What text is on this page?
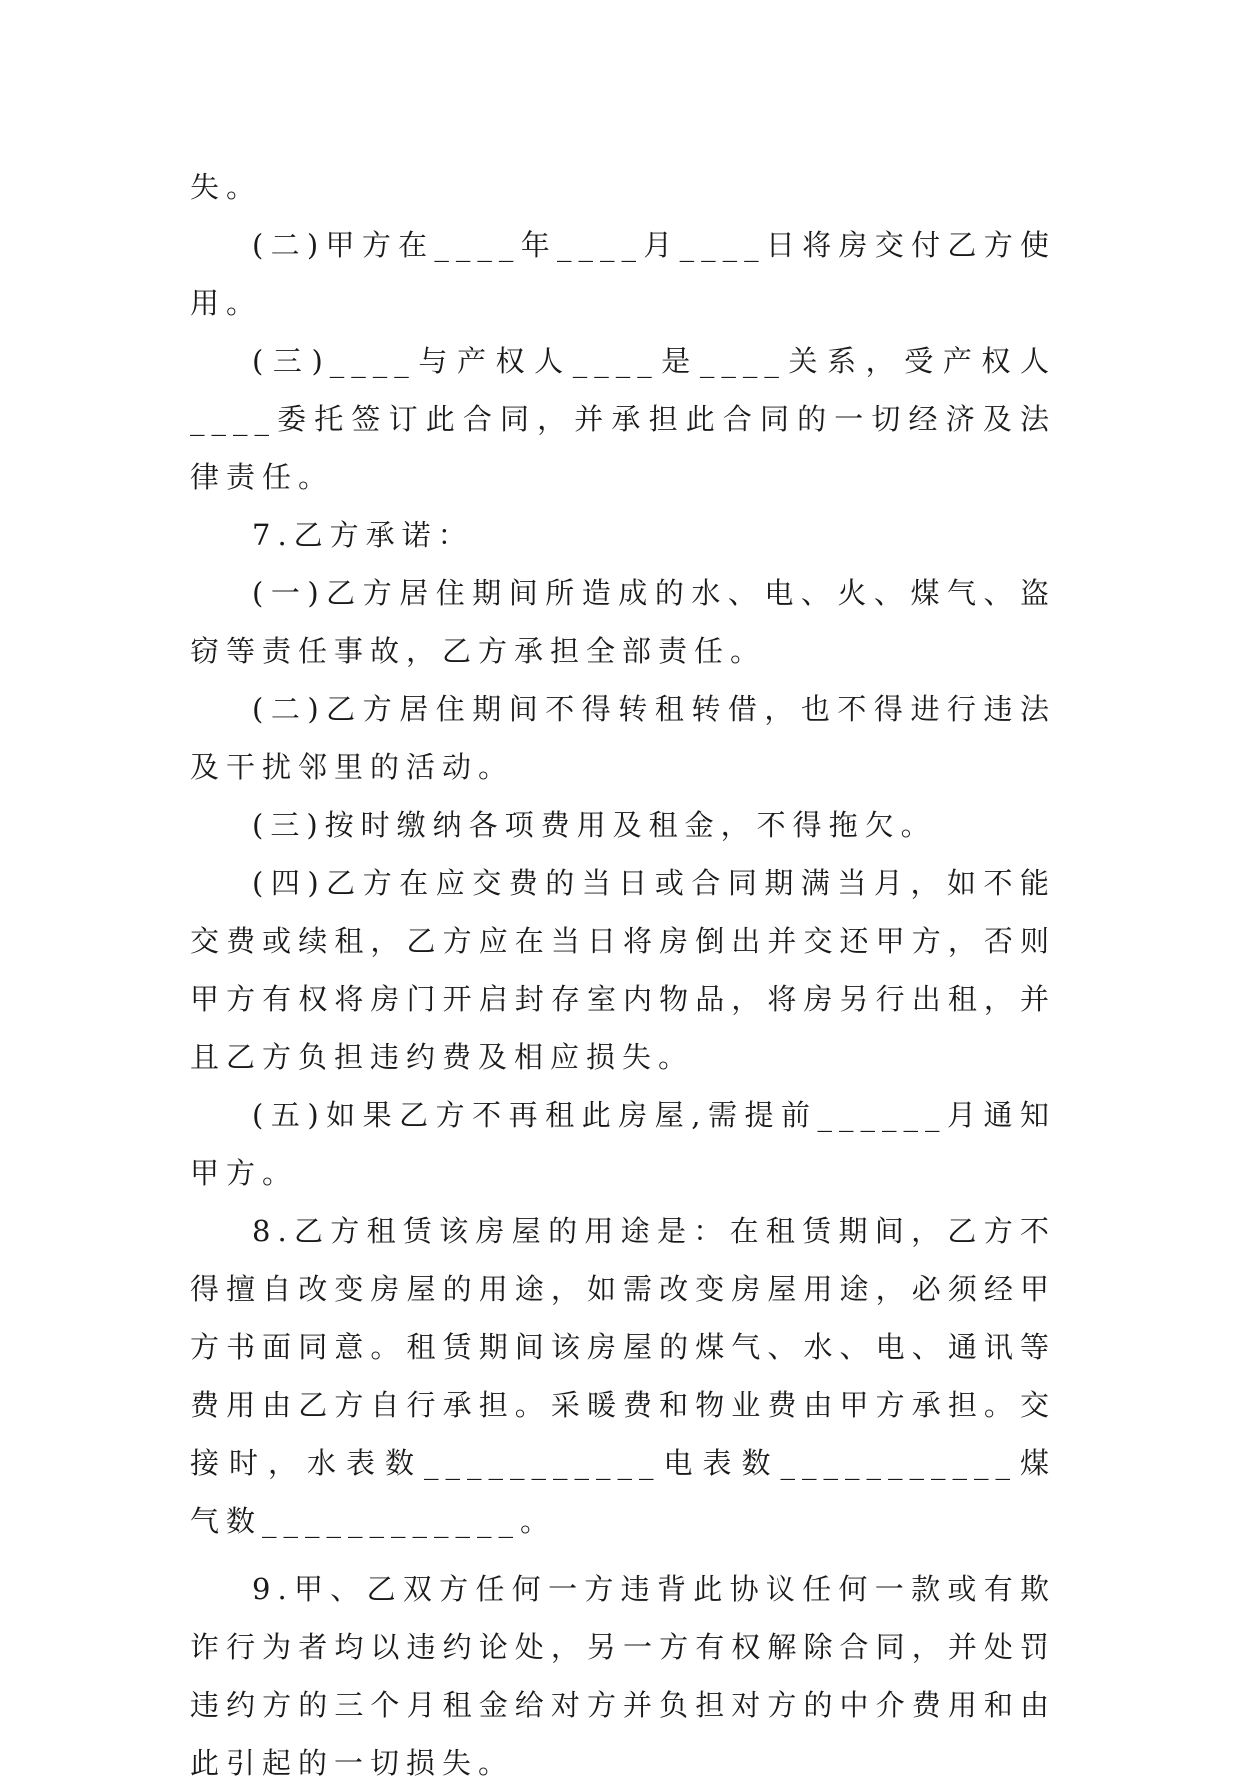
失。

(二)甲方在____年____月____日将房交付乙方使用。

(三)____与产权人____是____关系，受产权人____委托签订此合同，并承担此合同的一切经济及法律责任。

7.乙方承诺：

(一)乙方居住期间所造成的水、电、火、煤气、盗窃等责任事故，乙方承担全部责任。

(二)乙方居住期间不得转租转借，也不得进行违法及干扰邻里的活动。

(三)按时缴纳各项费用及租金，不得拖欠。

(四)乙方在应交费的当日或合同期满当月，如不能交费或续租，乙方应在当日将房倒出并交还甲方，否则甲方有权将房门开启封存室内物品，将房另行出租，并且乙方负担违约费及相应损失。

(五)如果乙方不再租此房屋,需提前______月通知甲方。

8.乙方租赁该房屋的用途是：在租赁期间，乙方不得擅自改变房屋的用途，如需改变房屋用途，必须经甲方书面同意。租赁期间该房屋的煤气、水、电、通讯等费用由乙方自行承担。采暖费和物业费由甲方承担。交接时，水表数___________电表数___________煤气数____________。

9.甲、乙双方任何一方违背此协议任何一款或有欺诈行为者均以违约论处，另一方有权解除合同，并处罚违约方的三个月租金给对方并负担对方的中介费用和由此引起的一切损失。
